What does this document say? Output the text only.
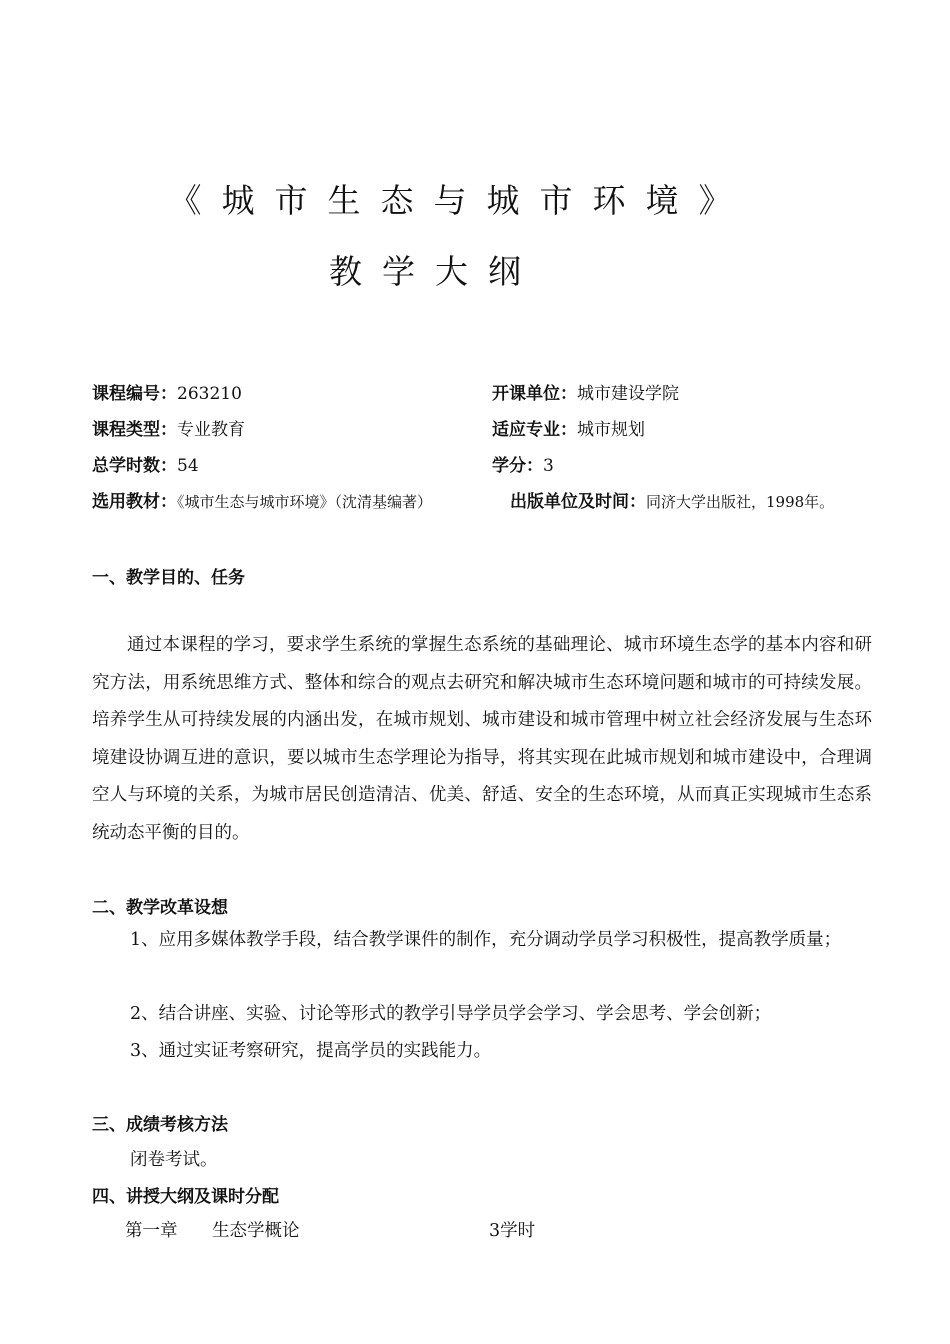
《城市生态与城市环境》
教学大纲
课程编号：263210	开课单位：城市建设学院
课程类型：专业教育	适应专业：城市规划
总学时数：54	学分：3
选用教材：《城市生态与城市环境》（沈清基编著）	出版单位及时间：同济大学出版社，1998年。
一、教学目的、任务
通过本课程的学习，要求学生系统的掌握生态系统的基础理论、城市环境生态学的基本内容和研究方法，用系统思维方式、整体和综合的观点去研究和解决城市生态环境问题和城市的可持续发展。培养学生从可持续发展的内涵出发，在城市规划、城市建设和城市管理中树立社会经济发展与生态环境建设协调互进的意识，要以城市生态学理论为指导，将其实现在此城市规划和城市建设中，合理调空人与环境的关系，为城市居民创造清洁、优美、舒适、安全的生态环境，从而真正实现城市生态系统动态平衡的目的。
二、教学改革设想
1、应用多媒体教学手段，结合教学课件的制作，充分调动学员学习积极性，提高教学质量；
2、结合讲座、实验、讨论等形式的教学引导学员学会学习、学会思考、学会创新；
3、通过实证考察研究，提高学员的实践能力。
三、成绩考核方法
闭卷考试。
四、讲授大纲及课时分配
第一章 生态学概论	3学时
